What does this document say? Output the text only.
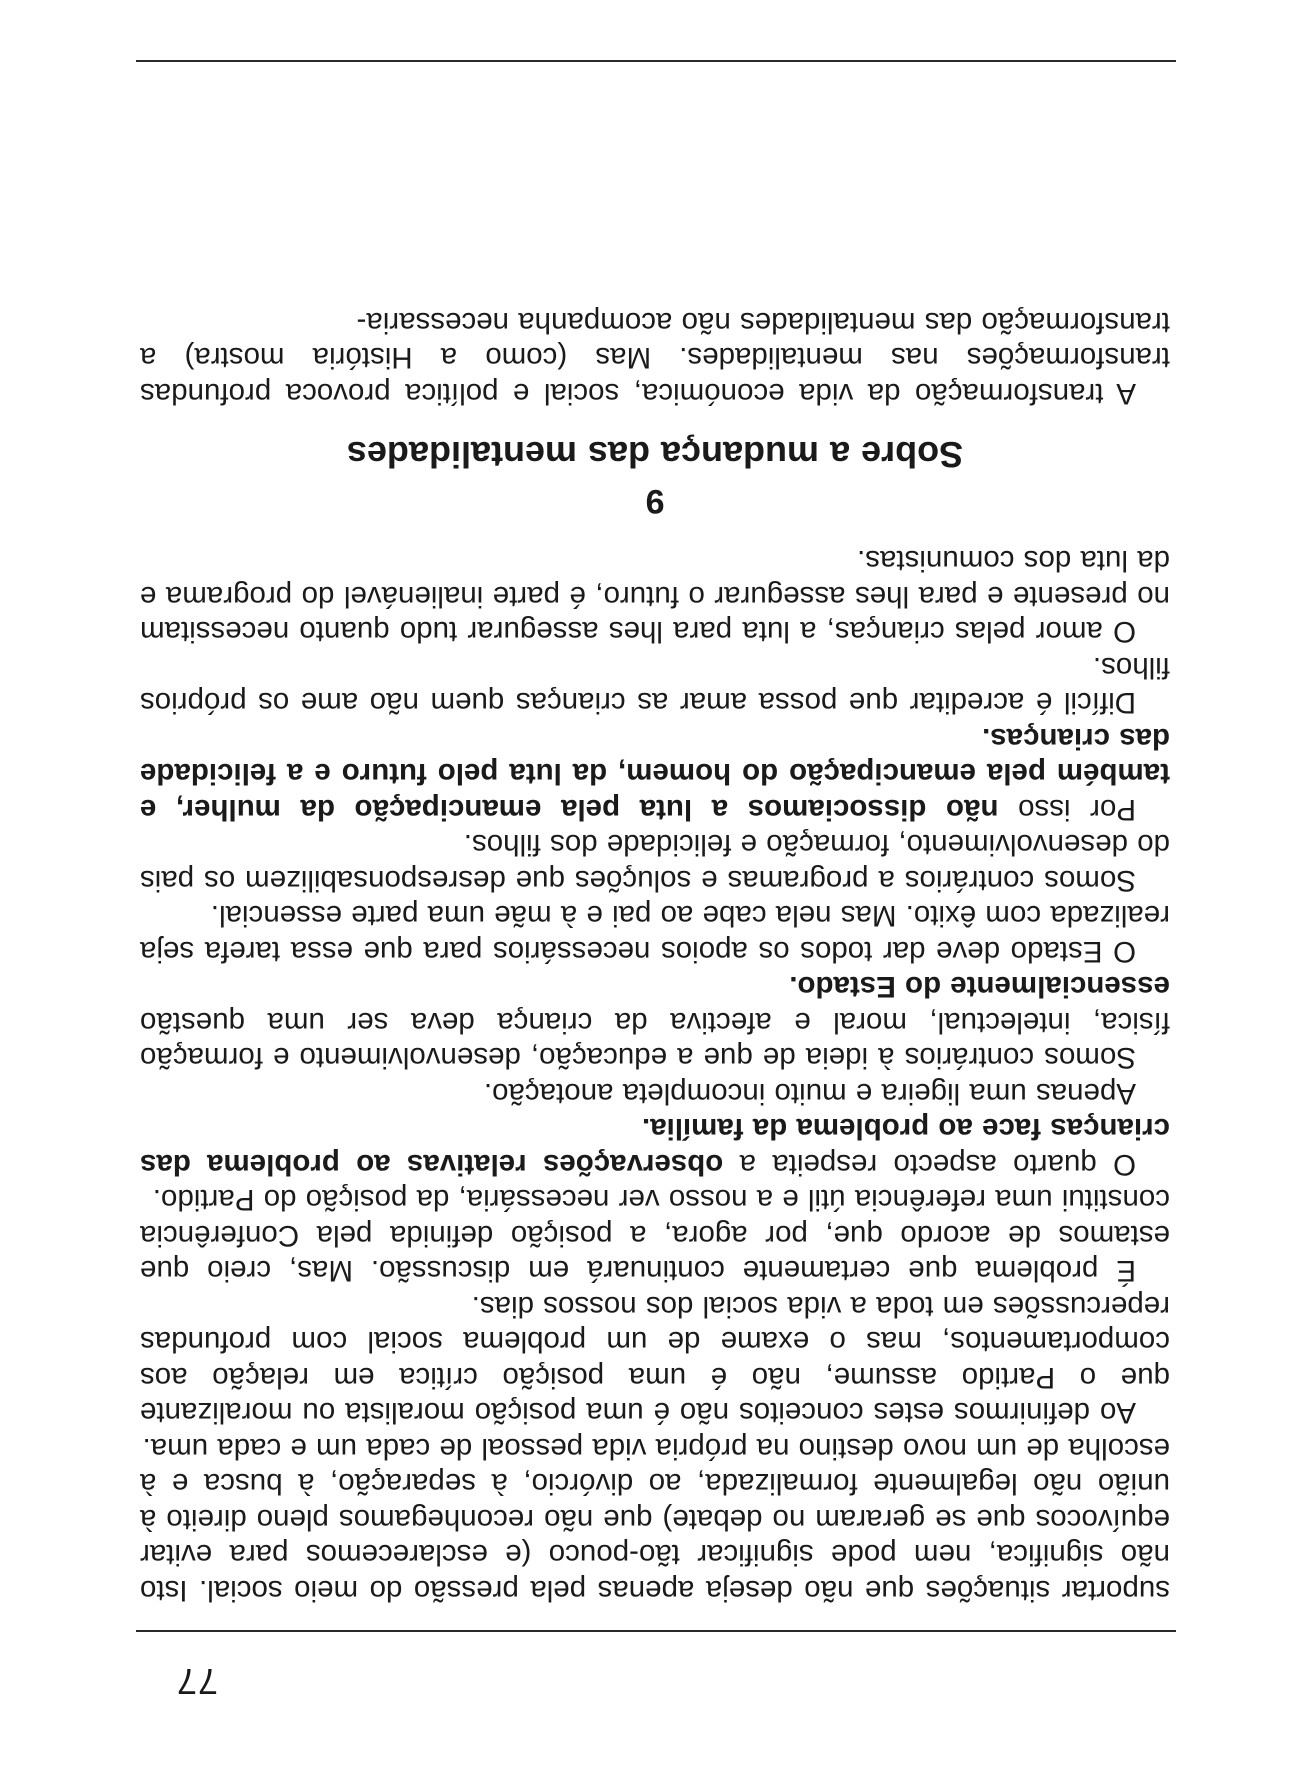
77

suportar situações que não deseja apenas pela pressão do meio social. Isto não significa, nem pode significar tão-pouco (e esclarecemos para evitar equívocos que se geraram no debate) que não reconhegamos pleno direito à união não legalmente formalizada, ao divórcio, à separação, à busca e à escolha de um novo destino na própria vida pessoal de cada um e cada uma.

Ao definirmos estes conceitos não é uma posição moralista ou moralizante que o Partido assume, não é uma posição crítica em relação aos comportamentos, mas o exame de um problema social com profundas repercussões em toda a vida social dos nossos dias.

É problema que certamente continuará em discussão. Mas, creio que estamos de acordo que, por agora, a posição definida pela Conferência constitui uma referência útil e a nosso ver necessária, da posição do Partido.

O quarto aspecto respeita a observações relativas ao problema das crianças face ao problema da família.

Apenas uma ligeira e muito incompleta anotação.

Somos contrários à ideia de que a educação, desenvolvimento e formação física, intelectual, moral e afectiva da criança deva ser uma questão essencialmente do Estado.

O Estado deve dar todos os apoios necessários para que essa tarefa seja realizada com êxito. Mas nela cabe ao pai e à mãe uma parte essencial.

Somos contrários a programas e soluções que desresponsabilizem os pais do desenvolvimento, formação e felicidade dos filhos.

Por isso não dissociamos a luta pela emancipação da mulher, e também pela emancipação do homem, da luta pelo futuro e a felicidade das crianças.

Difícil é acreditar que possa amar as crianças quem não ame os próprios filhos.

O amor pelas crianças, a luta para lhes assegurar tudo quanto necessitam no presente e para lhes assegurar o futuro, é parte inalienável do programa e da luta dos comunistas.

9
Sobre a mudança das mentalidades

A transformação da vida económica, social e política provoca profundas transformações nas mentalidades. Mas (como a História mostra) a transformação das mentalidades não acompanha necessaria-
